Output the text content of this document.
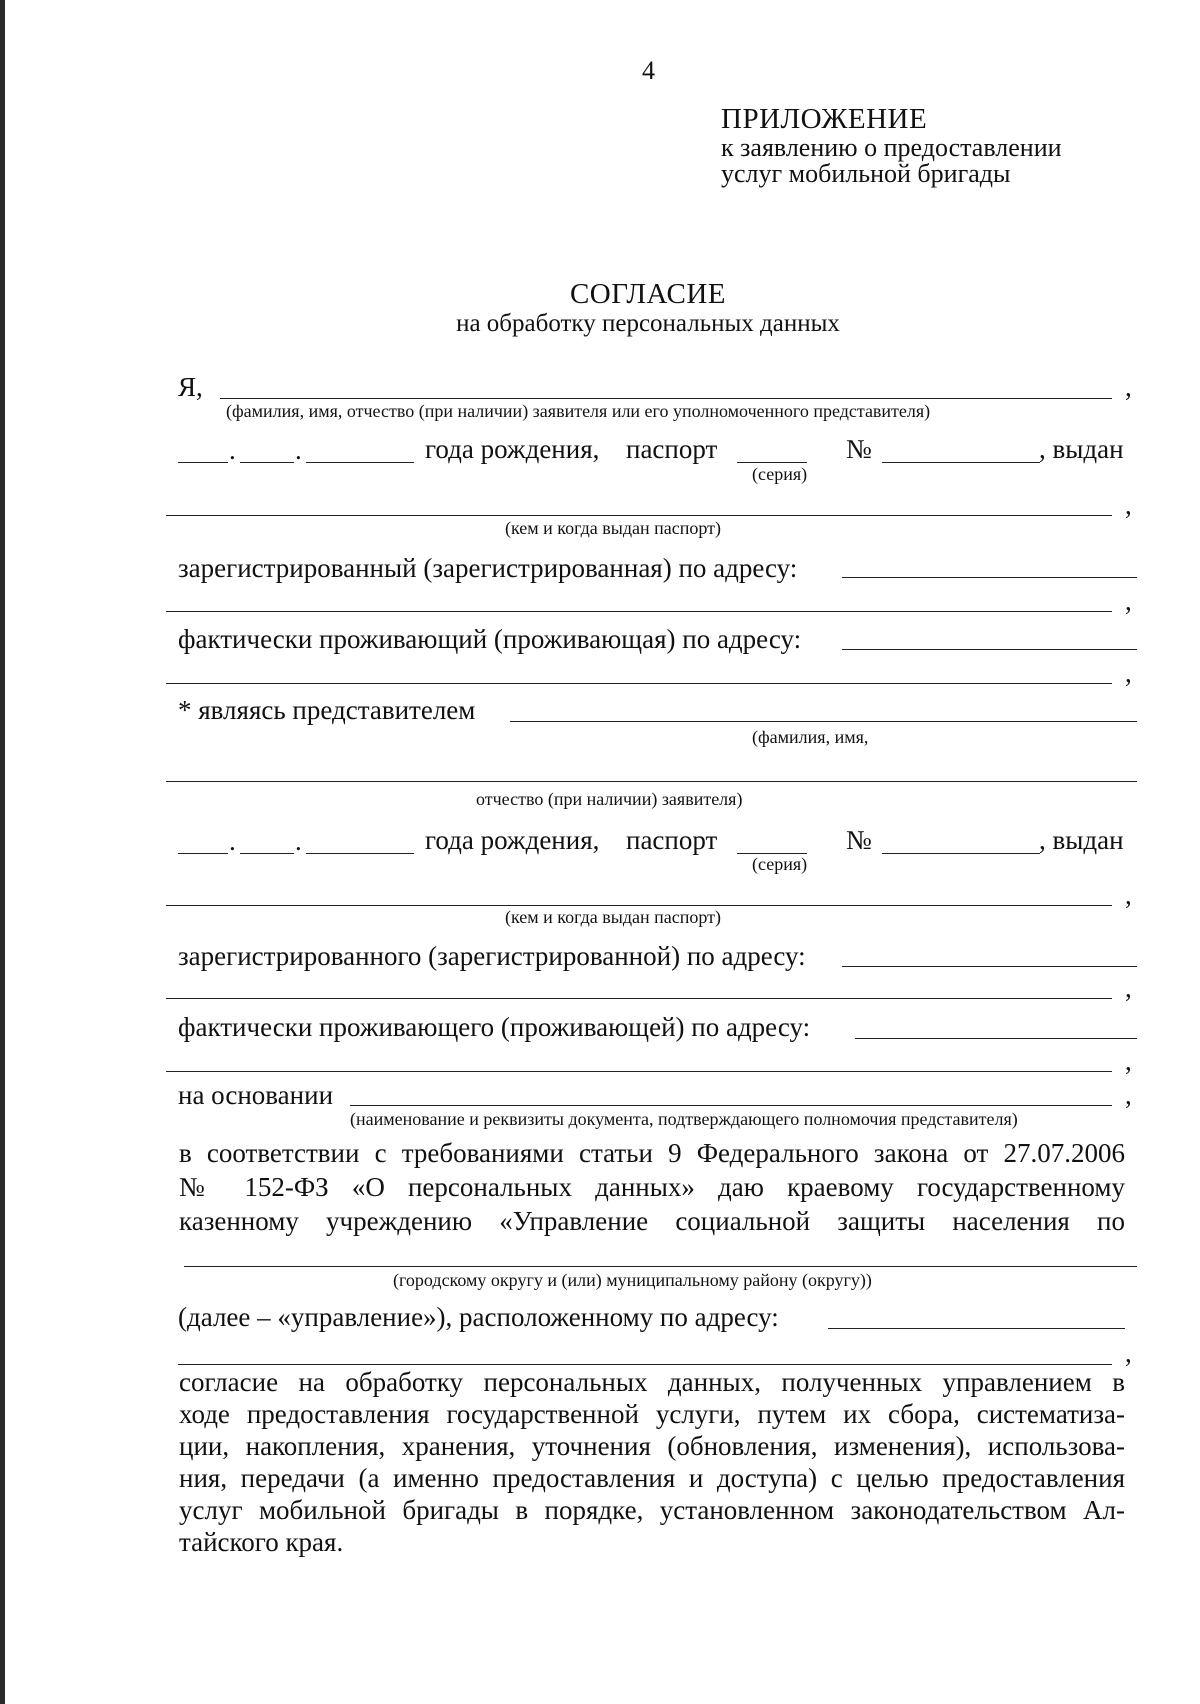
4
ПРИЛОЖЕНИЕ
к заявлению о предоставлении
услуг мобильной бригады
СОГЛАСИЕ
на обработку персональных данных
Я,	,
(фамилия, имя, отчество (при наличии) заявителя или его уполномоченного представителя)
. .	года рождения, паспорт	№	, выдан
(серия)
,
(кем и когда выдан паспорт)
зарегистрированный (зарегистрированная) по адресу:
,
фактически проживающий (проживающая) по адресу:
,
* являясь представителем
(фамилия, имя,
отчество (при наличии) заявителя)
. .	года рождения, паспорт	№	, выдан
(серия)
,
(кем и когда выдан паспорт)
зарегистрированного (зарегистрированной) по адресу:
,
фактически проживающего (проживающей) по адресу:
,
на основании	,
(наименование и реквизиты документа, подтверждающего полномочия представителя)
в соответствии с требованиями статьи 9 Федерального закона от 27.07.2006
№ 152-ФЗ «О персональных данных» даю краевому государственному
казенному учреждению «Управление социальной защиты населения по
(городскому округу и (или) муниципальному району (округу))
(далее – «управление»), расположенному по адресу:
,
согласие на обработку персональных данных, полученных управлением в
ходе предоставления государственной услуги, путем их сбора, систематиза-
ции, накопления, хранения, уточнения (обновления, изменения), использова-
ния, передачи (а именно предоставления и доступа) с целью предоставления
услуг мобильной бригады в порядке, установленном законодательством Ал-
тайского края.
